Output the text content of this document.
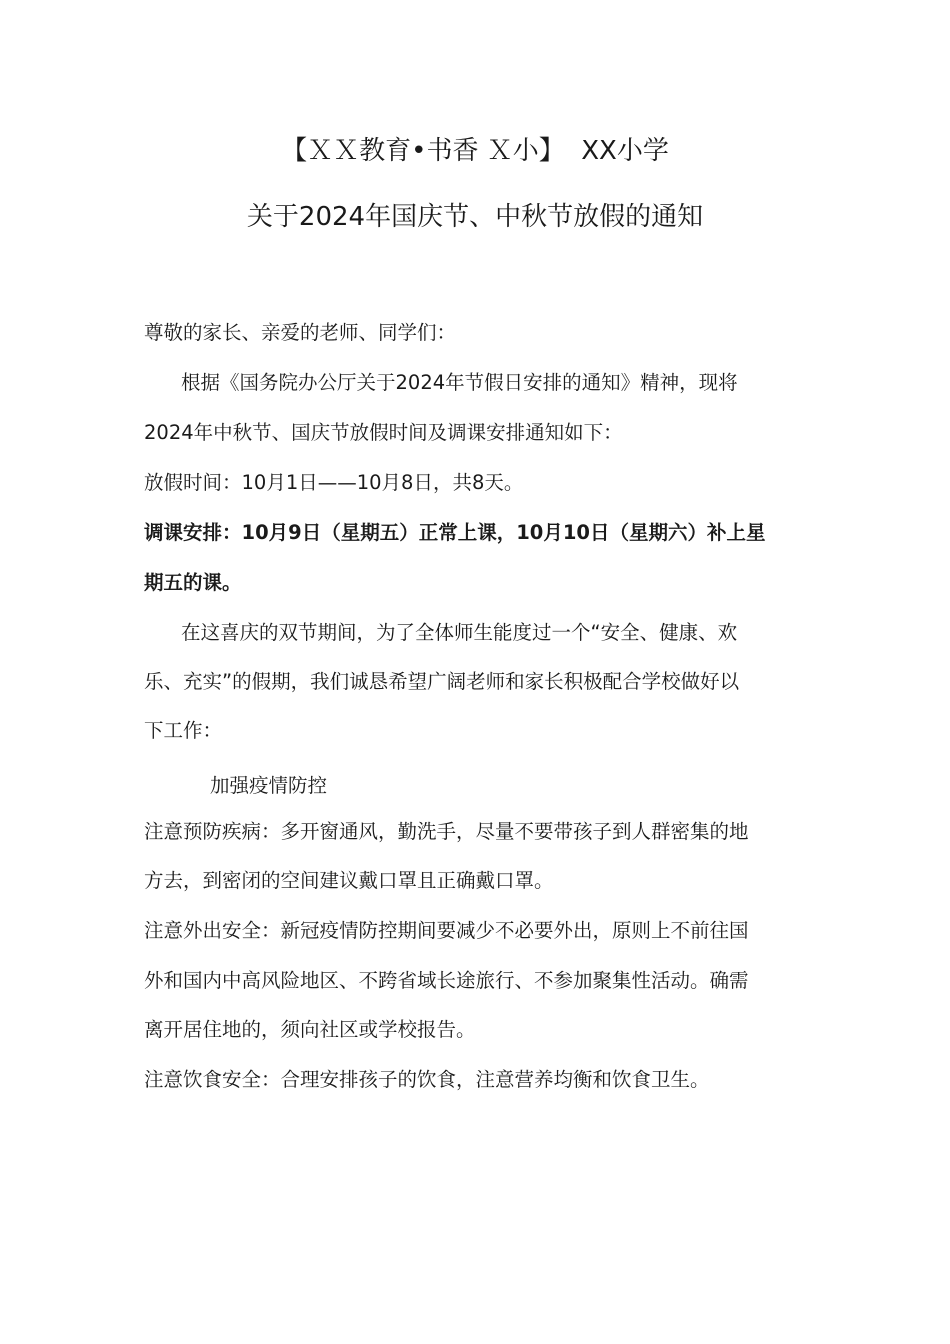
【ＸＸ教育•书香 Ｘ小】  XX小学
关于2024年国庆节、中秋节放假的通知
尊敬的家长、亲爱的老师、同学们：
根据《国务院办公厅关于2024年节假日安排的通知》精神，现将
2024年中秋节、国庆节放假时间及调课安排通知如下：
放假时间：10月1日——10月8日，共8天。
调课安排：10月9日（星期五）正常上课，10月10日（星期六）补上星
期五的课。
在这喜庆的双节期间，为了全体师生能度过一个“安全、健康、欢
乐、充实”的假期，我们诚恳希望广阔老师和家长积极配合学校做好以
下工作：
加强疫情防控
注意预防疾病：多开窗通风，勤洗手，尽量不要带孩子到人群密集的地
方去，到密闭的空间建议戴口罩且正确戴口罩。
注意外出安全：新冠疫情防控期间要减少不必要外出，原则上不前往国
外和国内中高风险地区、不跨省域长途旅行、不参加聚集性活动。确需
离开居住地的，须向社区或学校报告。
注意饮食安全：合理安排孩子的饮食，注意营养均衡和饮食卫生。
